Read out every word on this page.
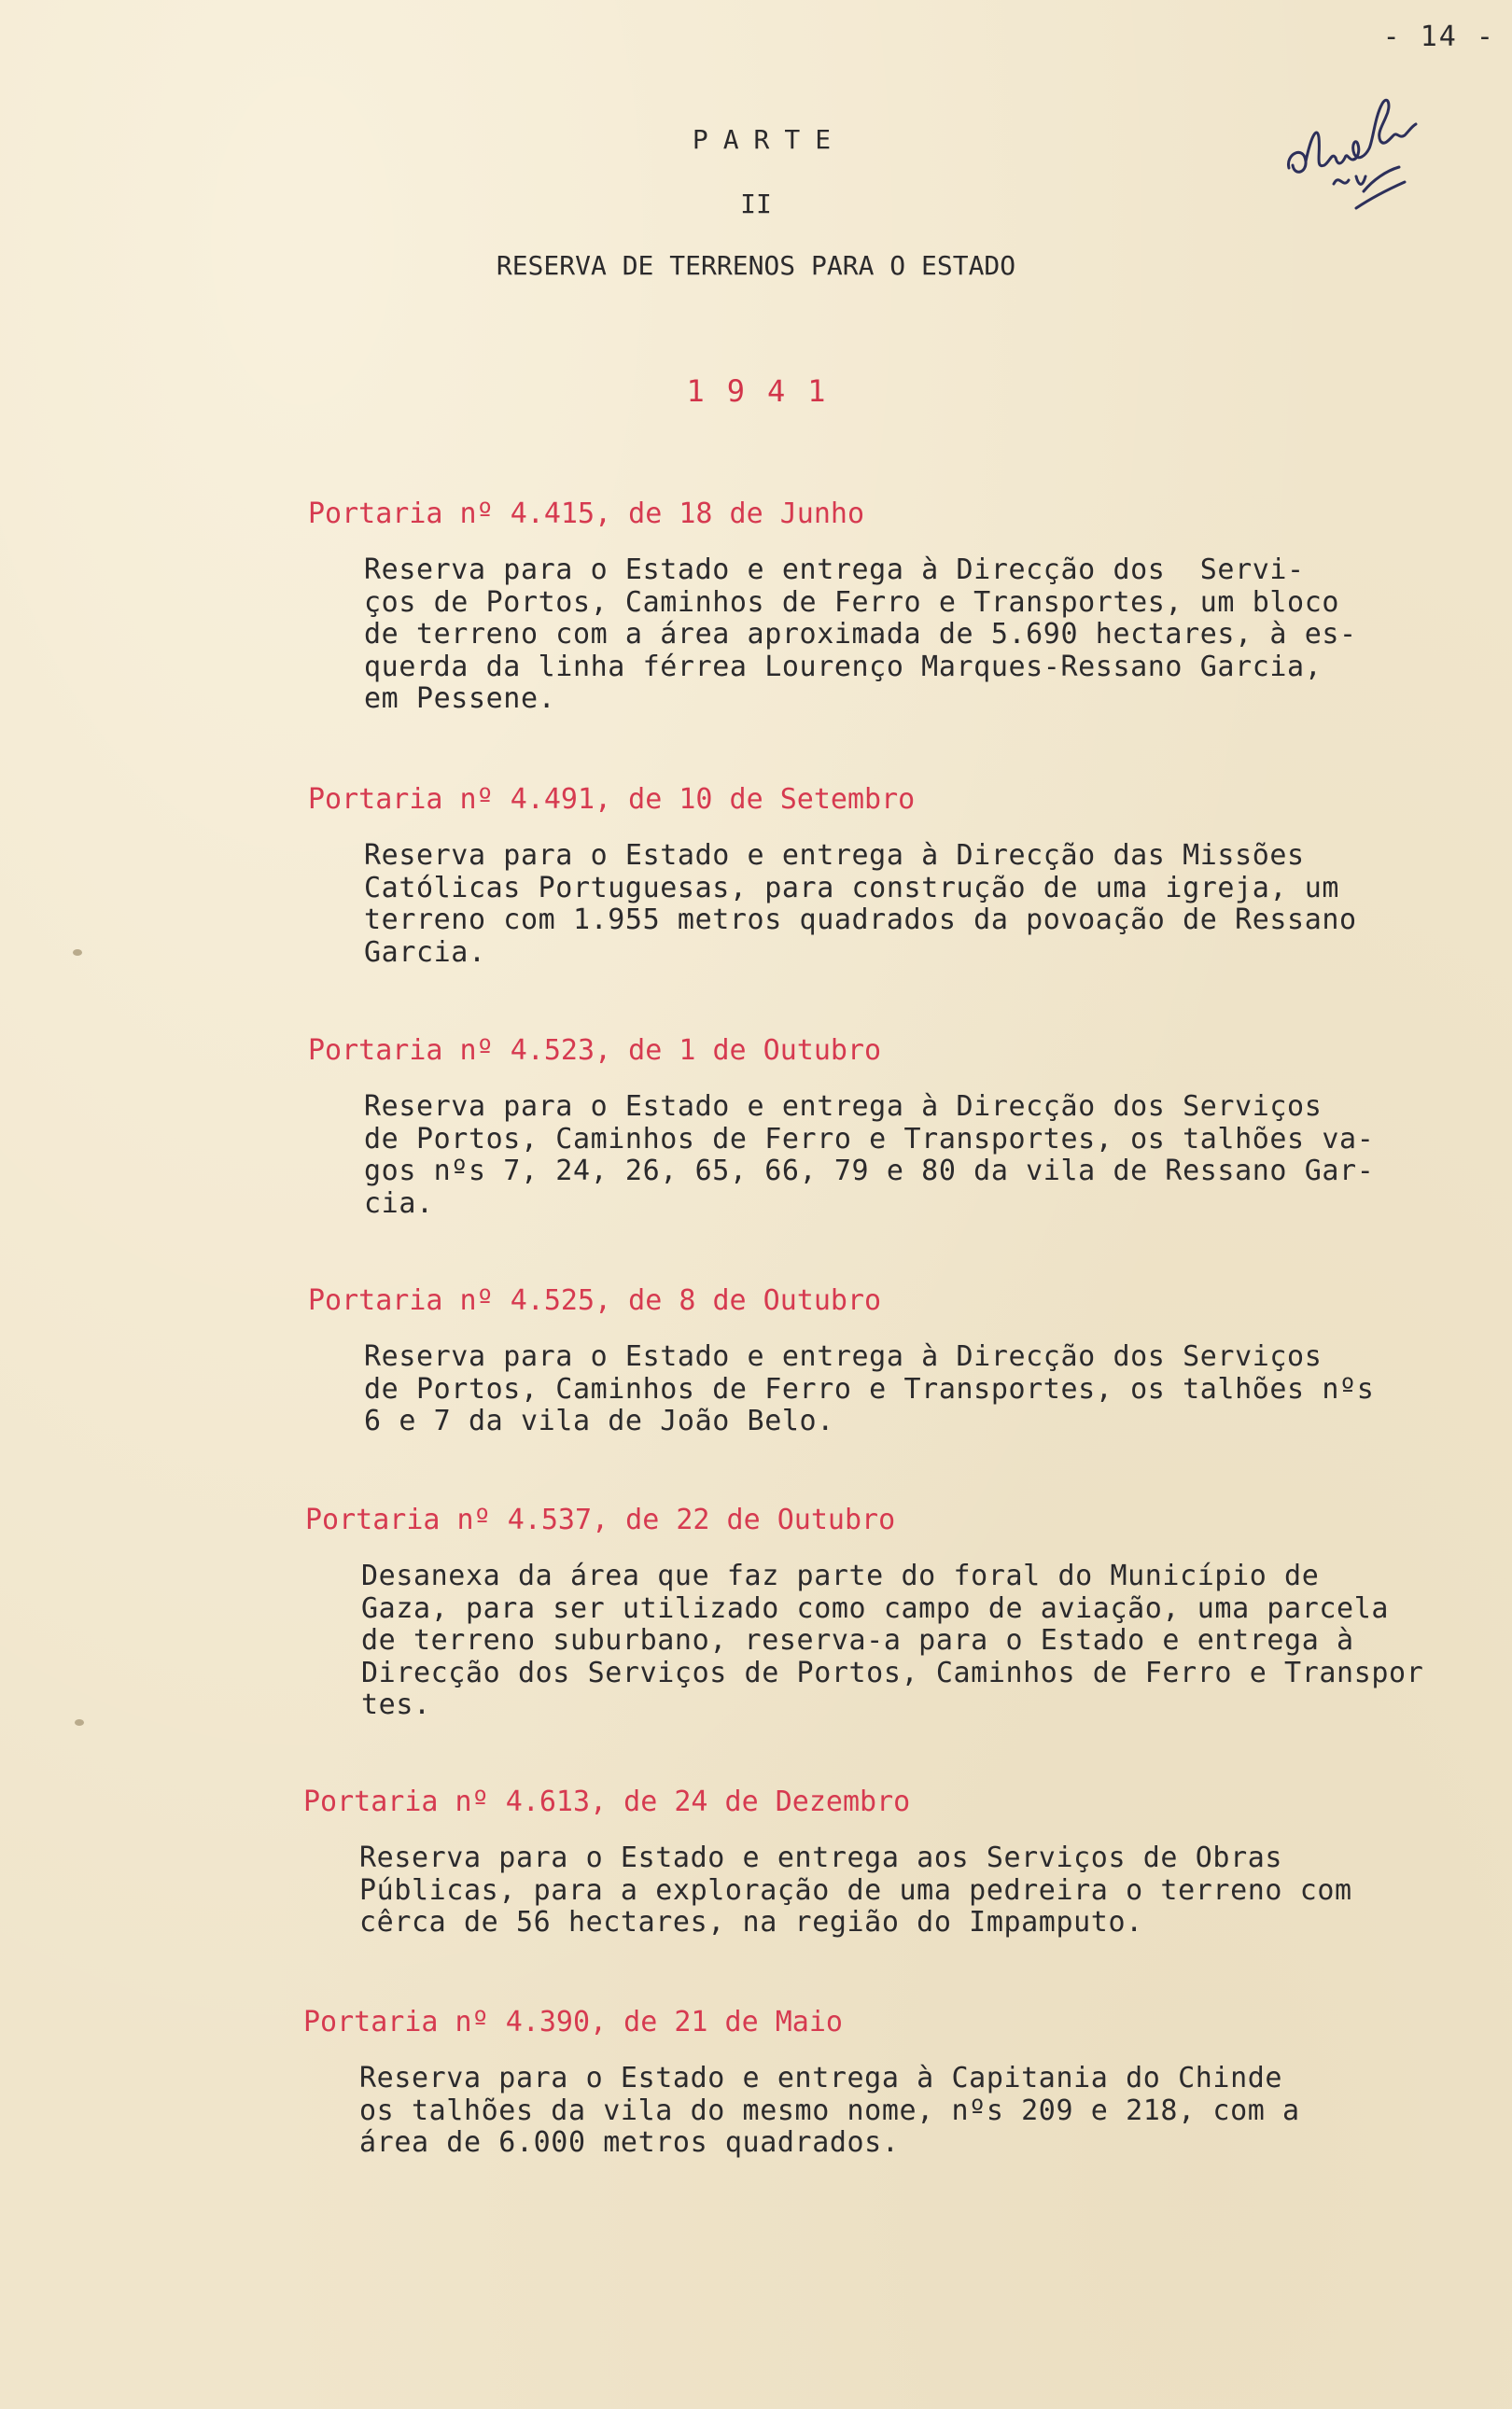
- 14 -
PARTE
II
RESERVA DE TERRENOS PARA O ESTADO
1941
Portaria nº 4.415, de 18 de Junho
Reserva para o Estado e entrega à Direcção dos  Servi-
ços de Portos, Caminhos de Ferro e Transportes, um bloco
de terreno com a área aproximada de 5.690 hectares, à es-
querda da linha férrea Lourenço Marques-Ressano Garcia,
em Pessene.
Portaria nº 4.491, de 10 de Setembro
Reserva para o Estado e entrega à Direcção das Missões
Católicas Portuguesas, para construção de uma igreja, um
terreno com 1.955 metros quadrados da povoação de Ressano
Garcia.
Portaria nº 4.523, de 1 de Outubro
Reserva para o Estado e entrega à Direcção dos Serviços
de Portos, Caminhos de Ferro e Transportes, os talhões va-
gos nºs 7, 24, 26, 65, 66, 79 e 80 da vila de Ressano Gar-
cia.
Portaria nº 4.525, de 8 de Outubro
Reserva para o Estado e entrega à Direcção dos Serviços
de Portos, Caminhos de Ferro e Transportes, os talhões nºs
6 e 7 da vila de João Belo.
Portaria nº 4.537, de 22 de Outubro
Desanexa da área que faz parte do foral do Município de
Gaza, para ser utilizado como campo de aviação, uma parcela
de terreno suburbano, reserva-a para o Estado e entrega à
Direcção dos Serviços de Portos, Caminhos de Ferro e Transpor
tes.
Portaria nº 4.613, de 24 de Dezembro
Reserva para o Estado e entrega aos Serviços de Obras
Públicas, para a exploração de uma pedreira o terreno com
cêrca de 56 hectares, na região do Impamputo.
Portaria nº 4.390, de 21 de Maio
Reserva para o Estado e entrega à Capitania do Chinde
os talhões da vila do mesmo nome, nºs 209 e 218, com a
área de 6.000 metros quadrados.
